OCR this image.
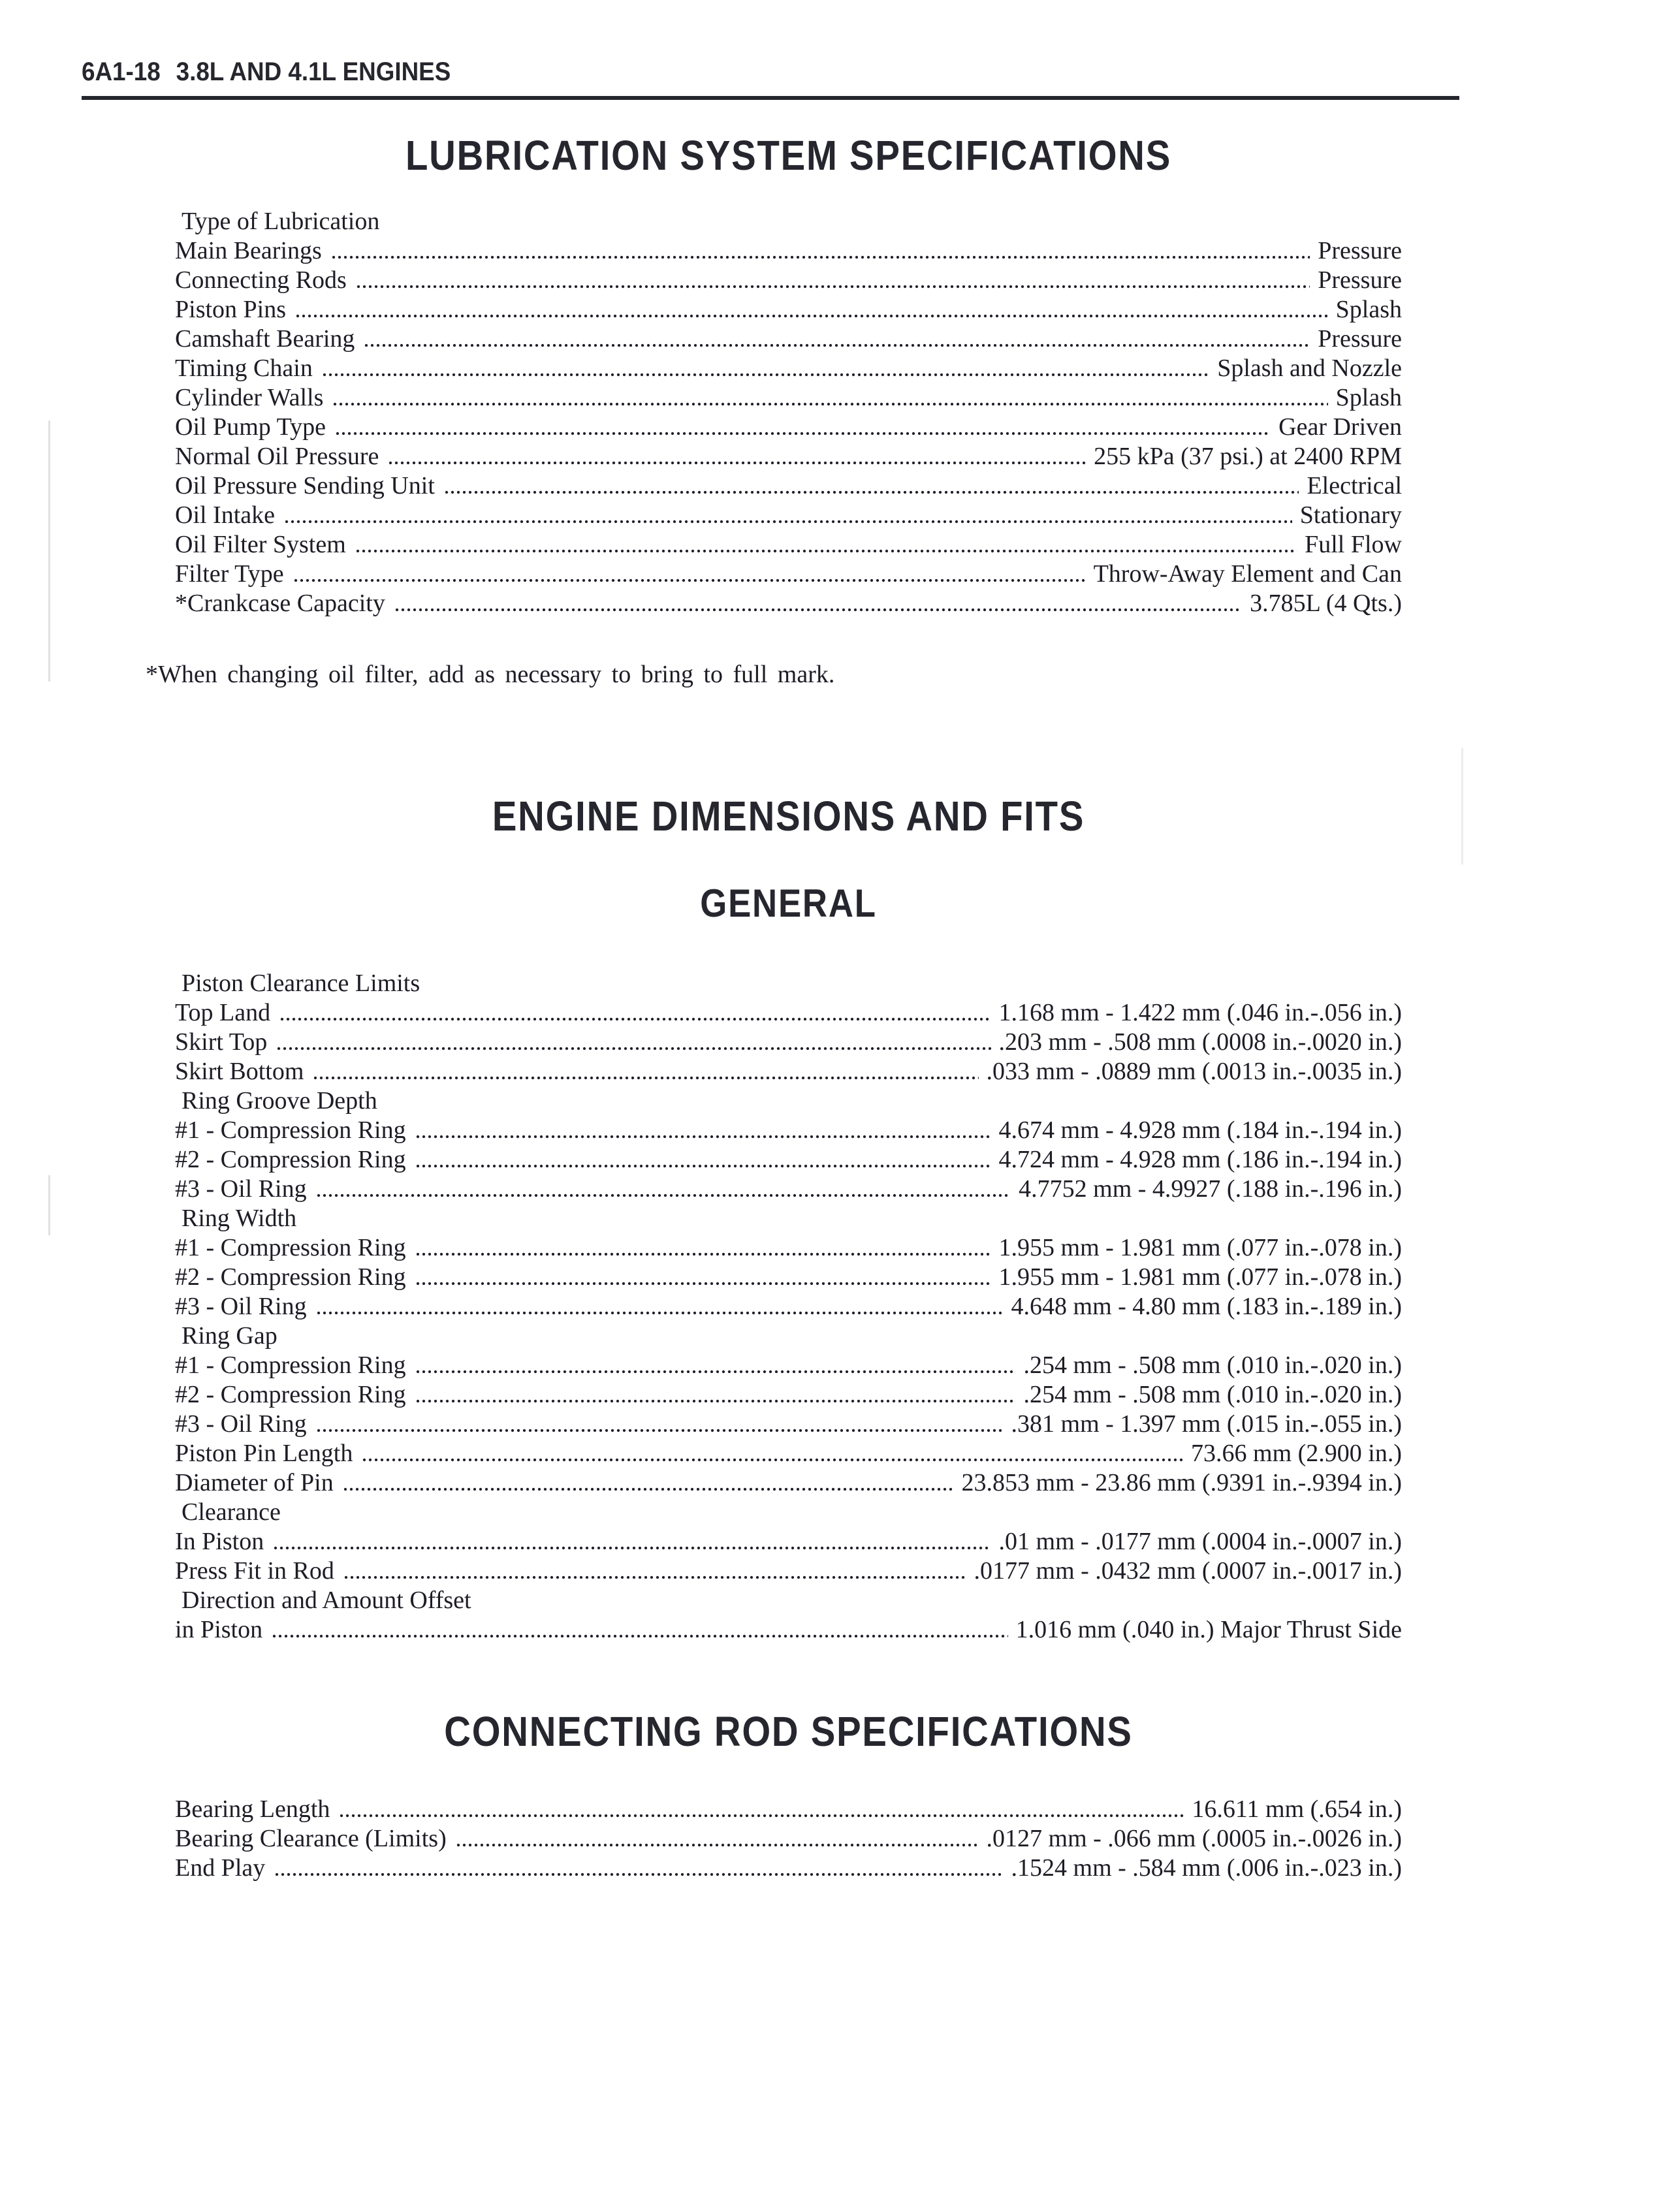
6A1-18 3.8L AND 4.1L ENGINES
LUBRICATION SYSTEM SPECIFICATIONS
Type of Lubrication
Main Bearings	Pressure
Connecting Rods	Pressure
Piston Pins	Splash
Camshaft Bearing	Pressure
Timing Chain	Splash and Nozzle
Cylinder Walls	Splash
Oil Pump Type	Gear Driven
Normal Oil Pressure	255 kPa (37 psi.) at 2400 RPM
Oil Pressure Sending Unit	Electrical
Oil Intake	Stationary
Oil Filter System	Full Flow
Filter Type	Throw-Away Element and Can
*Crankcase Capacity	3.785L (4 Qts.)

*When changing oil filter, add as necessary to bring to full mark.

ENGINE DIMENSIONS AND FITS
GENERAL
Piston Clearance Limits
Top Land	1.168 mm - 1.422 mm (.046 in.-.056 in.)
Skirt Top	.203 mm - .508 mm (.0008 in.-.0020 in.)
Skirt Bottom	.033 mm - .0889 mm (.0013 in.-.0035 in.)
Ring Groove Depth
#1 - Compression Ring	4.674 mm - 4.928 mm (.184 in.-.194 in.)
#2 - Compression Ring	4.724 mm - 4.928 mm (.186 in.-.194 in.)
#3 - Oil Ring	4.7752 mm - 4.9927 (.188 in.-.196 in.)
Ring Width
#1 - Compression Ring	1.955 mm - 1.981 mm (.077 in.-.078 in.)
#2 - Compression Ring	1.955 mm - 1.981 mm (.077 in.-.078 in.)
#3 - Oil Ring	4.648 mm - 4.80 mm (.183 in.-.189 in.)
Ring Gap
#1 - Compression Ring	.254 mm - .508 mm (.010 in.-.020 in.)
#2 - Compression Ring	.254 mm - .508 mm (.010 in.-.020 in.)
#3 - Oil Ring	.381 mm - 1.397 mm (.015 in.-.055 in.)
Piston Pin Length	73.66 mm (2.900 in.)
Diameter of Pin	23.853 mm - 23.86 mm (.9391 in.-.9394 in.)
Clearance
In Piston	.01 mm - .0177 mm (.0004 in.-.0007 in.)
Press Fit in Rod	.0177 mm - .0432 mm (.0007 in.-.0017 in.)
Direction and Amount Offset
in Piston	1.016 mm (.040 in.) Major Thrust Side
CONNECTING ROD SPECIFICATIONS
Bearing Length	16.611 mm (.654 in.)
Bearing Clearance (Limits)	.0127 mm - .066 mm (.0005 in.-.0026 in.)
End Play	.1524 mm - .584 mm (.006 in.-.023 in.)
